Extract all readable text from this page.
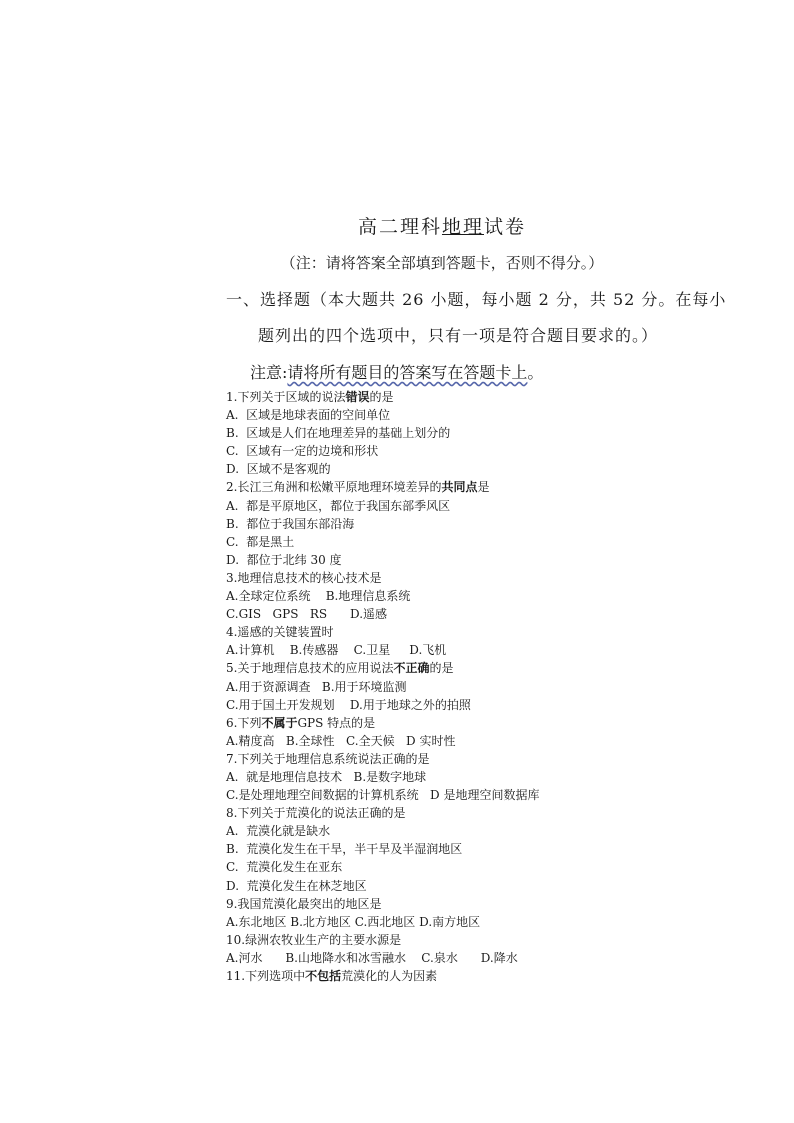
高二理科地理试卷
（注：请将答案全部填到答题卡，否则不得分。）
一、选择题（本大题共 26 小题，每小题 2 分，共 52 分。在每小
题列出的四个选项中，只有一项是符合题目要求的。）
注意:请将所有题目的答案写在答题卡上。
1.下列关于区域的说法错误的是
A.  区域是地球表面的空间单位
B.  区域是人们在地理差异的基础上划分的
C.  区域有一定的边境和形状
D.  区域不是客观的
2.长江三角洲和松嫩平原地理环境差异的共同点是
A.  都是平原地区，都位于我国东部季风区
B.  都位于我国东部沿海
C.  都是黑土
D.  都位于北纬 30 度
3.地理信息技术的核心技术是
A.全球定位系统    B.地理信息系统
C.GIS   GPS   RS      D.遥感
4.遥感的关键装置时
A.计算机    B.传感器    C.卫星     D.飞机
5.关于地理信息技术的应用说法不正确的是
A.用于资源调查   B.用于环境监测
C.用于国土开发规划    D.用于地球之外的拍照
6.下列不属于GPS 特点的是
A.精度高   B.全球性   C.全天候   D 实时性
7.下列关于地理信息系统说法正确的是
A.  就是地理信息技术   B.是数字地球
C.是处理地理空间数据的计算机系统   D 是地理空间数据库
8.下列关于荒漠化的说法正确的是
A.  荒漠化就是缺水
B.  荒漠化发生在干旱，半干旱及半湿润地区
C.  荒漠化发生在亚东
D.  荒漠化发生在林芝地区
9.我国荒漠化最突出的地区是
A.东北地区 B.北方地区 C.西北地区 D.南方地区
10.绿洲农牧业生产的主要水源是
A.河水      B.山地降水和冰雪融水    C.泉水      D.降水
11.下列选项中不包括荒漠化的人为因素
